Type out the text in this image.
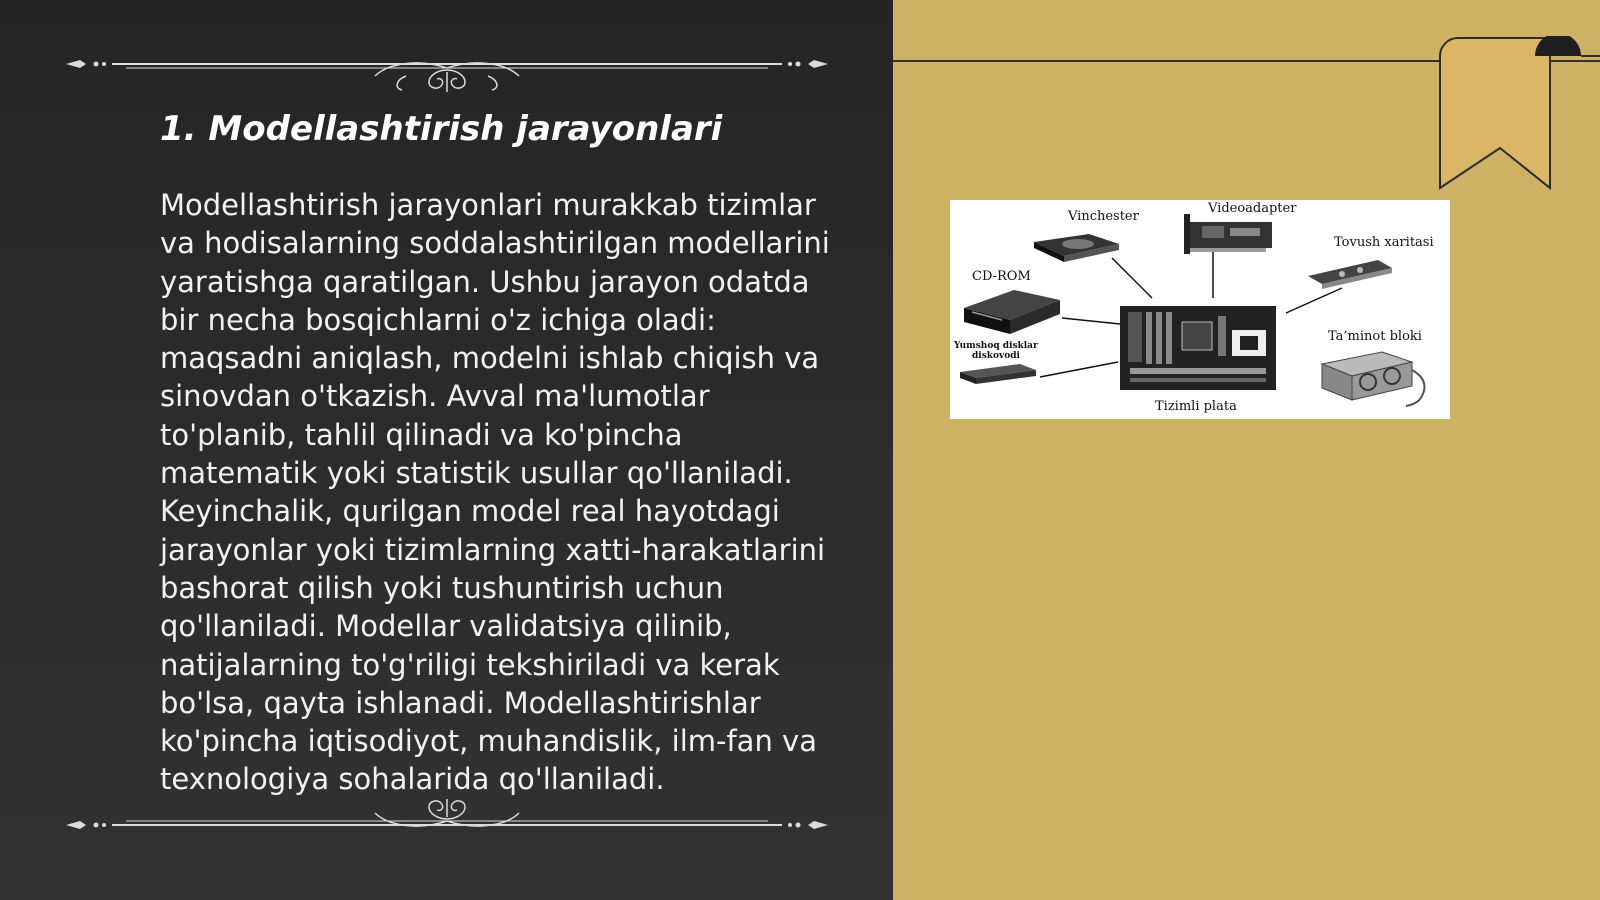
1. Modellashtirish jarayonlari

Modellashtirish jarayonlari murakkab tizimlar va hodisalarning soddalashtirilgan modellarini yaratishga qaratilgan. Ushbu jarayon odatda bir necha bosqichlarni o'z ichiga oladi: maqsadni aniqlash, modelni ishlab chiqish va sinovdan o'tkazish. Avval ma'lumotlar to'planib, tahlil qilinadi va ko'pincha matematik yoki statistik usullar qo'llaniladi. Keyinchalik, qurilgan model real hayotdagi jarayonlar yoki tizimlarning xatti-harakatlarini bashorat qilish yoki tushuntirish uchun qo'llaniladi. Modellar validatsiya qilinib, natijalarning to'g'riligi tekshiriladi va kerak bo'lsa, qayta ishlanadi. Modellashtirishlar ko'pincha iqtisodiyot, muhandislik, ilm-fan va texnologiya sohalarida qo'llaniladi.

Vinchester
Videoadapter
Tovush xaritasi
CD-ROM
Yumshoq disklar
diskovodi
Ta’minot bloki
Tizimli plata
